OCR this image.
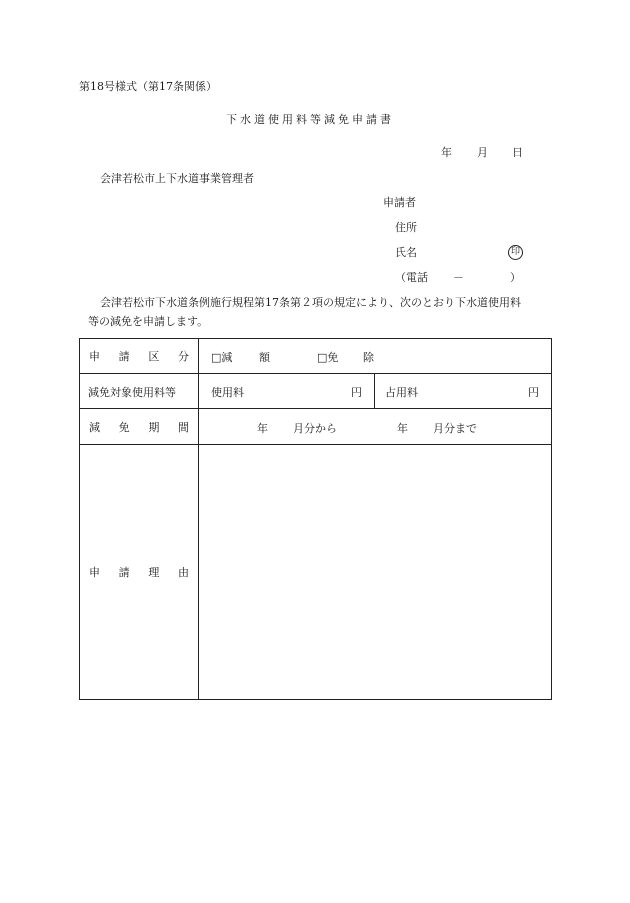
第18号様式（第17条関係）
下水道使用料等減免申請書
年 月 日
会津若松市上下水道事業管理者
申請者
住所
氏名	印
（電話 －	）
会津若松市下水道条例施行規程第17条第２項の規定により、次のとおり下水道使用料
等の減免を申請します。
申 請 区 分	□減 額 □免 除	

減免対象使用料等	使用料 円	占用料 円

減 免 期 間	年 月分から 年 月分まで	

申 請 理 由		
